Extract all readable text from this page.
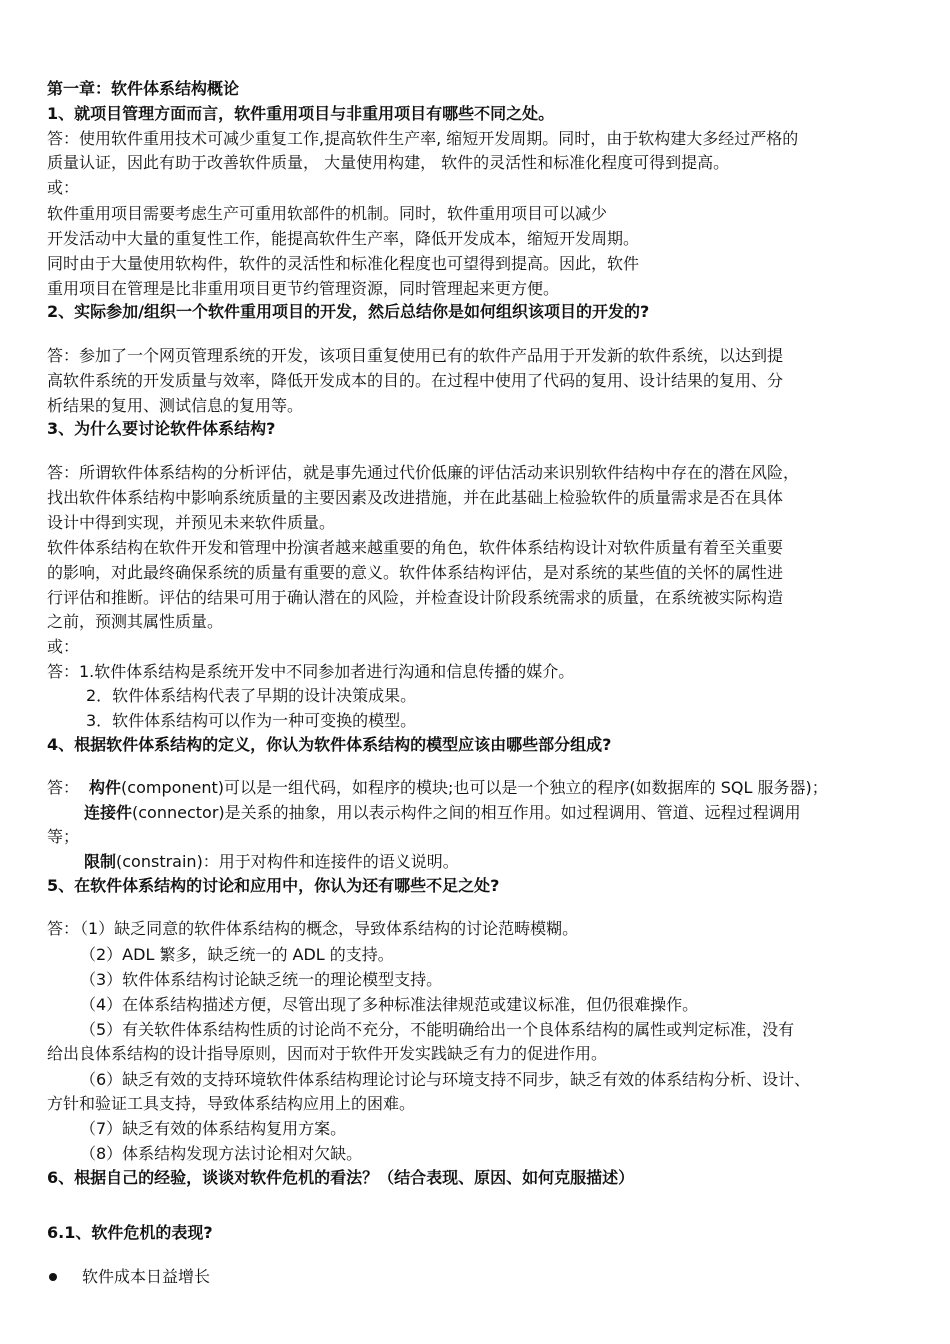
第一章：软件体系结构概论

1、就项目管理方面而言，软件重用项目与非重用项目有哪些不同之处。

答：使用软件重用技术可减少重复工作,提高软件生产率, 缩短开发周期。同时，由于软构建大多经过严格的

质量认证，因此有助于改善软件质量， 大量使用构建， 软件的灵活性和标准化程度可得到提高。

或：

软件重用项目需要考虑生产可重用软部件的机制。同时，软件重用项目可以减少

开发活动中大量的重复性工作，能提高软件生产率，降低开发成本，缩短开发周期。

同时由于大量使用软构件，软件的灵活性和标准化程度也可望得到提高。因此，软件

重用项目在管理是比非重用项目更节约管理资源，同时管理起来更方便。

2、实际参加/组织一个软件重用项目的开发，然后总结你是如何组织该项目的开发的?

答：参加了一个网页管理系统的开发，该项目重复使用已有的软件产品用于开发新的软件系统，以达到提

高软件系统的开发质量与效率，降低开发成本的目的。在过程中使用了代码的复用、设计结果的复用、分

析结果的复用、测试信息的复用等。

3、为什么要讨论软件体系结构?

答：所谓软件体系结构的分析评估，就是事先通过代价低廉的评估活动来识别软件结构中存在的潜在风险，

找出软件体系结构中影响系统质量的主要因素及改进措施，并在此基础上检验软件的质量需求是否在具体

设计中得到实现，并预见未来软件质量。

软件体系结构在软件开发和管理中扮演者越来越重要的角色，软件体系结构设计对软件质量有着至关重要

的影响，对此最终确保系统的质量有重要的意义。软件体系结构评估，是对系统的某些值的关怀的属性进

行评估和推断。评估的结果可用于确认潜在的风险，并检查设计阶段系统需求的质量，在系统被实际构造

之前，预测其属性质量。

或：

答：1.软件体系结构是系统开发中不同参加者进行沟通和信息传播的媒介。

2．软件体系结构代表了早期的设计决策成果。

3．软件体系结构可以作为一种可变换的模型。

4、根据软件体系结构的定义，你认为软件体系结构的模型应该由哪些部分组成?

答： 构件(component)可以是一组代码，如程序的模块;也可以是一个独立的程序(如数据库的 SQL 服务器)；

连接件(connector)是关系的抽象，用以表示构件之间的相互作用。如过程调用、管道、远程过程调用

等；

限制(constrain)：用于对构件和连接件的语义说明。

5、在软件体系结构的讨论和应用中，你认为还有哪些不足之处?

答：

（1）缺乏同意的软件体系结构的概念，导致体系结构的讨论范畴模糊。

（2）ADL 繁多，缺乏统一的 ADL 的支持。

（3）软件体系结构讨论缺乏统一的理论模型支持。

（4）在体系结构描述方便，尽管出现了多种标准法律规范或建议标准，但仍很难操作。

（5）有关软件体系结构性质的讨论尚不充分，不能明确给出一个良体系结构的属性或判定标准，没有

给出良体系结构的设计指导原则，因而对于软件开发实践缺乏有力的促进作用。

（6）缺乏有效的支持环境软件体系结构理论讨论与环境支持不同步，缺乏有效的体系结构分析、设计、

方针和验证工具支持，导致体系结构应用上的困难。

（7）缺乏有效的体系结构复用方案。

（8）体系结构发现方法讨论相对欠缺。

6、根据自己的经验，谈谈对软件危机的看法？（结合表现、原因、如何克服描述）

6.1、软件危机的表现?

软件成本日益增长
